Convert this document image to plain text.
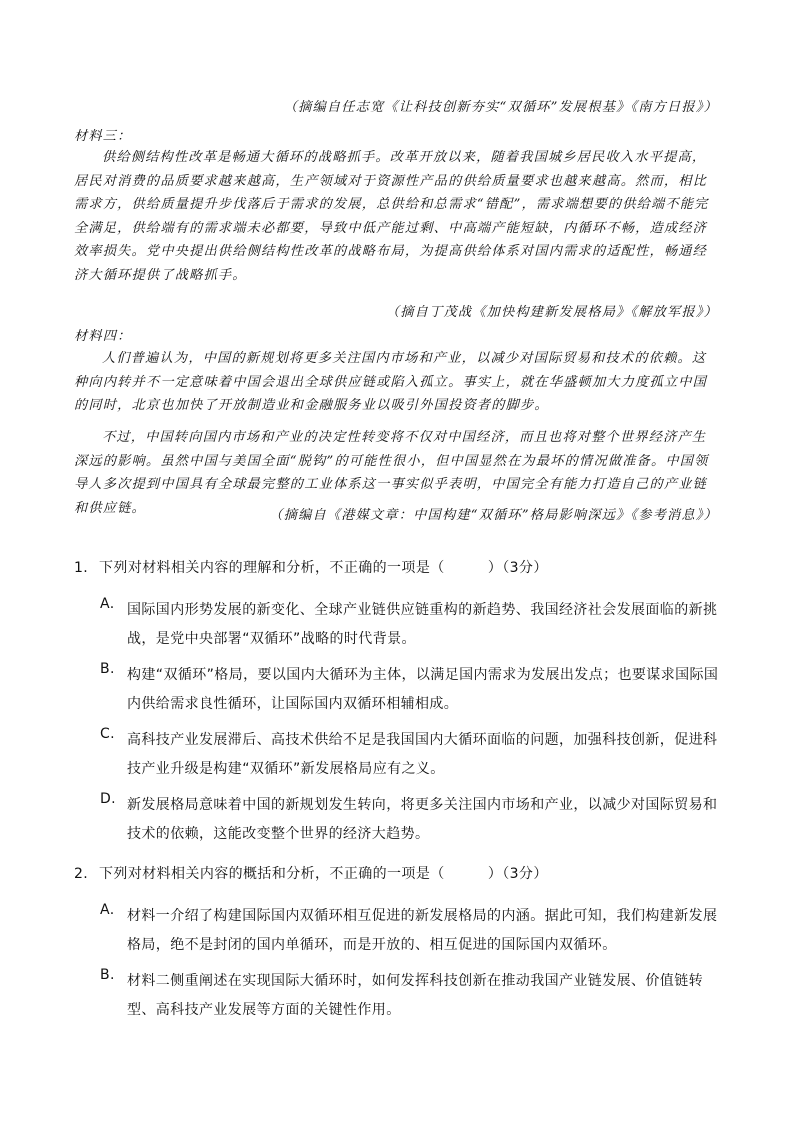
（摘编自任志宽《让科技创新夯实“双循环”发展根基》《南方日报》）
材料三：

供给侧结构性改革是畅通大循环的战略抓手。改革开放以来，随着我国城乡居民收入水平提高，居民对消费的品质要求越来越高，生产领域对于资源性产品的供给质量要求也越来越高。然而，相比需求方，供给质量提升步伐落后于需求的发展，总供给和总需求“错配”，需求端想要的供给端不能完全满足，供给端有的需求端未必都要，导致中低产能过剩、中高端产能短缺，内循环不畅，造成经济效率损失。党中央提出供给侧结构性改革的战略布局，为提高供给体系对国内需求的适配性，畅通经济大循环提供了战略抓手。

（摘自丁茂战《加快构建新发展格局》《解放军报》）
材料四：

人们普遍认为，中国的新规划将更多关注国内市场和产业，以减少对国际贸易和技术的依赖。这种向内转并不一定意味着中国会退出全球供应链或陷入孤立。事实上，就在华盛顿加大力度孤立中国的同时，北京也加快了开放制造业和金融服务业以吸引外国投资者的脚步。

不过，中国转向国内市场和产业的决定性转变将不仅对中国经济，而且也将对整个世界经济产生深远的影响。虽然中国与美国全面“脱钩”的可能性很小，但中国显然在为最坏的情况做准备。中国领导人多次提到中国具有全球最完整的工业体系这一事实似乎表明，中国完全有能力打造自己的产业链和供应链。	（摘编自《港媒文章：中国构建“双循环”格局影响深远》《参考消息》）
1. 下列对材料相关内容的理解和分析，不正确的一项是（　　　）（3分）
A. 国际国内形势发展的新变化、全球产业链供应链重构的新趋势、我国经济社会发展面临的新挑战，是党中央部署“双循环”战略的时代背景。
B. 构建“双循环”格局，要以国内大循环为主体，以满足国内需求为发展出发点；也要谋求国际国内供给需求良性循环，让国际国内双循环相辅相成。
C. 高科技产业发展滞后、高技术供给不足是我国国内大循环面临的问题，加强科技创新，促进科技产业升级是构建“双循环”新发展格局应有之义。
D. 新发展格局意味着中国的新规划发生转向，将更多关注国内市场和产业，以减少对国际贸易和技术的依赖，这能改变整个世界的经济大趋势。
2. 下列对材料相关内容的概括和分析，不正确的一项是（　　　）（3分）
A. 材料一介绍了构建国际国内双循环相互促进的新发展格局的内涵。据此可知，我们构建新发展格局，绝不是封闭的国内单循环，而是开放的、相互促进的国际国内双循环。
B. 材料二侧重阐述在实现国际大循环时，如何发挥科技创新在推动我国产业链发展、价值链转型、高科技产业发展等方面的关键性作用。
